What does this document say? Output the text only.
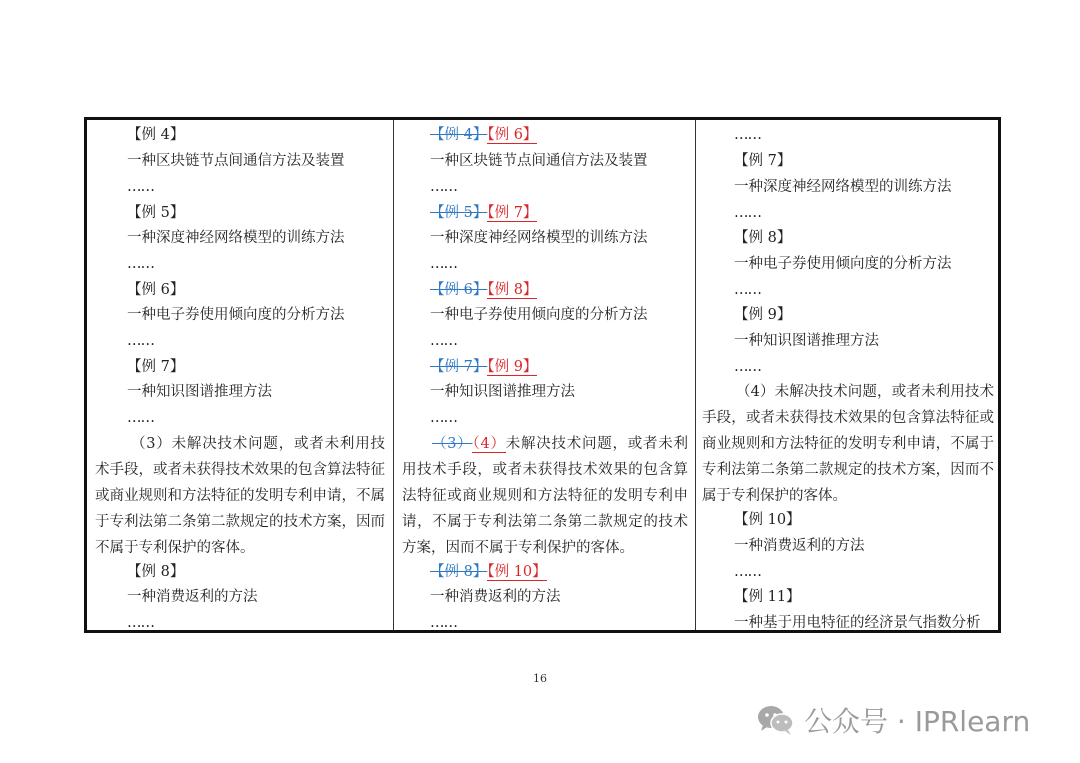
【例 4】
一种区块链节点间通信方法及装置
……
【例 5】
一种深度神经网络模型的训练方法
……
【例 6】
一种电子券使用倾向度的分析方法
……
【例 7】
一种知识图谱推理方法
……
（3）未解决技术问题，或者未利用技术手段，或者未获得技术效果的包含算法特征或商业规则和方法特征的发明专利申请，不属于专利法第二条第二款规定的技术方案，因而不属于专利保护的客体。
【例 8】
一种消费返利的方法
……
【例 4】【例 6】
一种区块链节点间通信方法及装置
……
【例 5】【例 7】
一种深度神经网络模型的训练方法
……
【例 6】【例 8】
一种电子券使用倾向度的分析方法
……
【例 7】【例 9】
一种知识图谱推理方法
……
（3）（4）未解决技术问题，或者未利用技术手段，或者未获得技术效果的包含算法特征或商业规则和方法特征的发明专利申请，不属于专利法第二条第二款规定的技术方案，因而不属于专利保护的客体。
【例 8】【例 10】
一种消费返利的方法
……
……
【例 7】
一种深度神经网络模型的训练方法
……
【例 8】
一种电子券使用倾向度的分析方法
……
【例 9】
一种知识图谱推理方法
……
（4）未解决技术问题，或者未利用技术手段，或者未获得技术效果的包含算法特征或商业规则和方法特征的发明专利申请，不属于专利法第二条第二款规定的技术方案，因而不属于专利保护的客体。
【例 10】
一种消费返利的方法
……
【例 11】
一种基于用电特征的经济景气指数分析
16
公众号 · IPRlearn
